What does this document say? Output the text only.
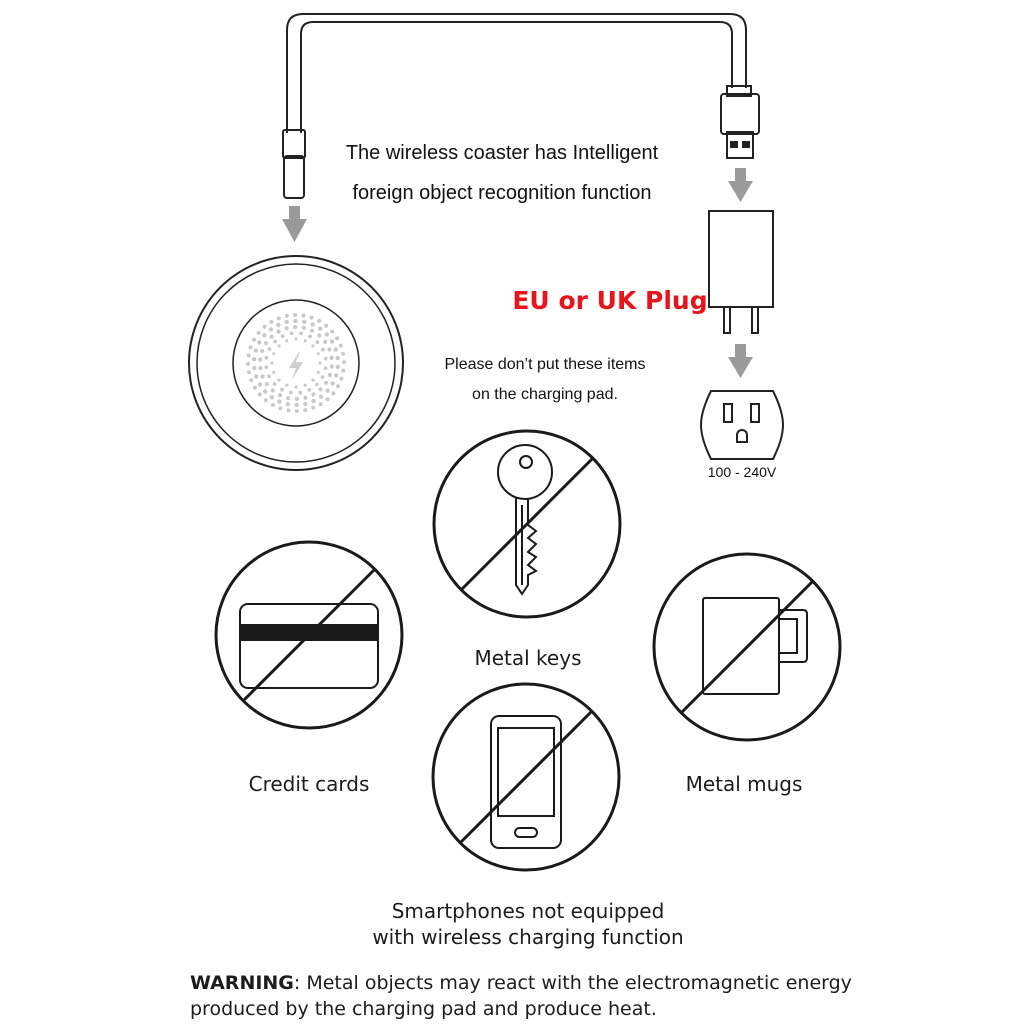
The wireless coaster has Intelligent
foreign object recognition function
EU or UK Plug
Please don’t put these items
on the charging pad.
100 - 240V
Metal keys
Credit cards	Metal mugs
Smartphones not equipped
with wireless charging function
WARNING: Metal objects may react with the electromagnetic energy produced by the charging pad and produce heat.
